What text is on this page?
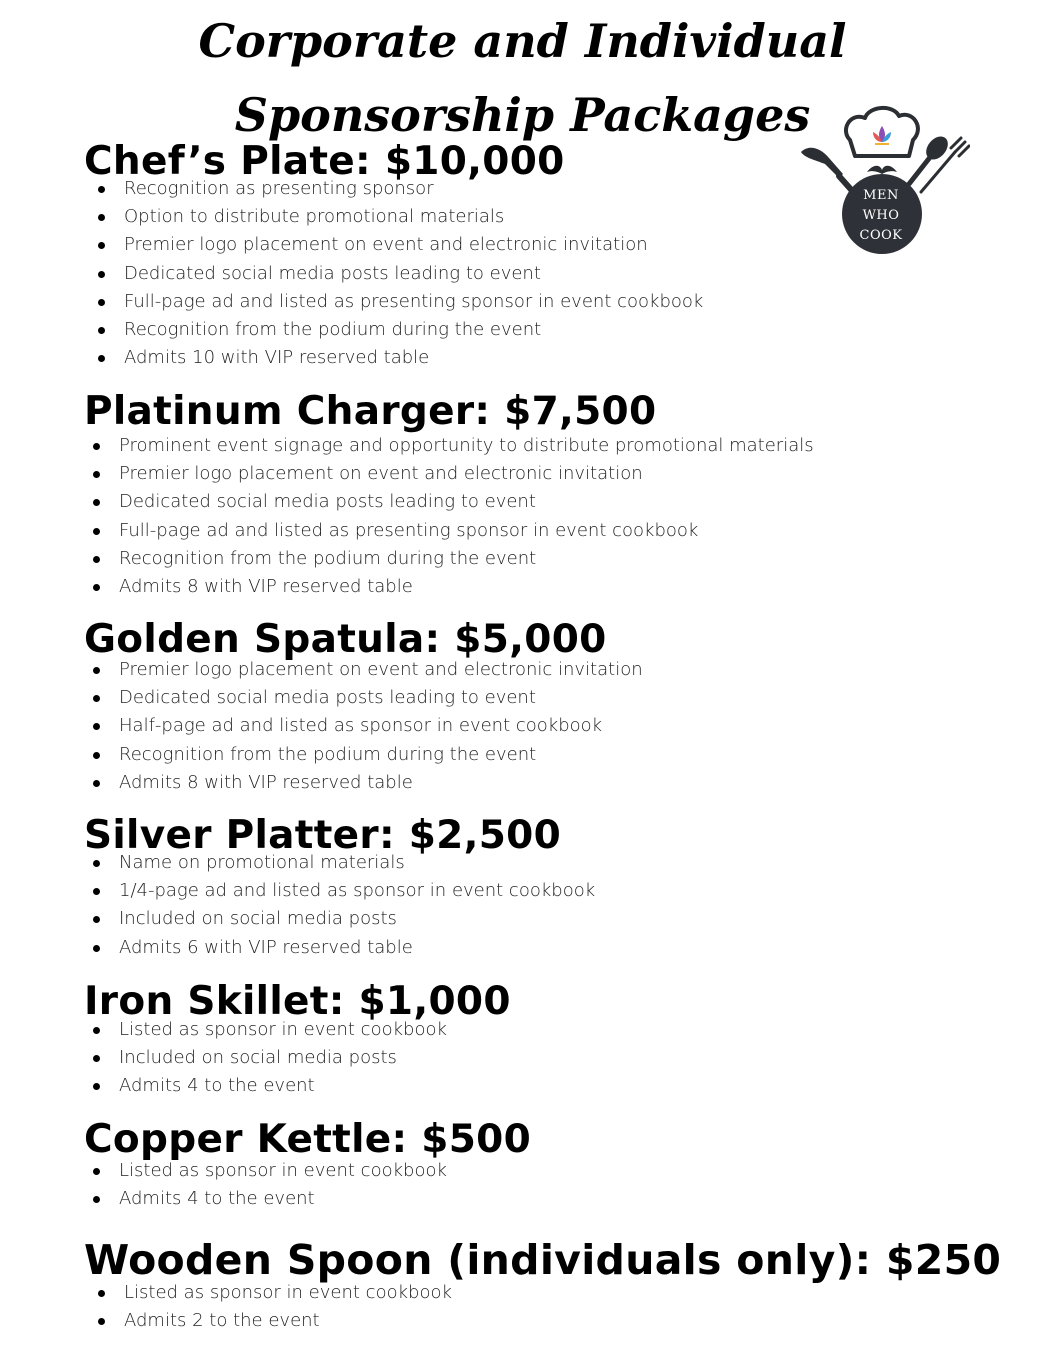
Corporate and Individual
Sponsorship Packages
MEN
WHO
COOK
Chef’s Plate: $10,000
Recognition as presenting sponsor
Option to distribute promotional materials
Premier logo placement on event and electronic invitation
Dedicated social media posts leading to event
Full-page ad and listed as presenting sponsor in event cookbook
Recognition from the podium during the event
Admits 10 with VIP reserved table
Platinum Charger: $7,500
Prominent event signage and opportunity to distribute promotional materials
Premier logo placement on event and electronic invitation
Dedicated social media posts leading to event
Full-page ad and listed as presenting sponsor in event cookbook
Recognition from the podium during the event
Admits 8 with VIP reserved table
Golden Spatula: $5,000
Premier logo placement on event and electronic invitation
Dedicated social media posts leading to event
Half-page ad and listed as sponsor in event cookbook
Recognition from the podium during the event
Admits 8 with VIP reserved table
Silver Platter: $2,500
Name on promotional materials
1/4-page ad and listed as sponsor in event cookbook
Included on social media posts
Admits 6 with VIP reserved table
Iron Skillet: $1,000
Listed as sponsor in event cookbook
Included on social media posts
Admits 4 to the event
Copper Kettle: $500
Listed as sponsor in event cookbook
Admits 4 to the event
Wooden Spoon (individuals only): $250
Listed as sponsor in event cookbook
Admits 2 to the event
